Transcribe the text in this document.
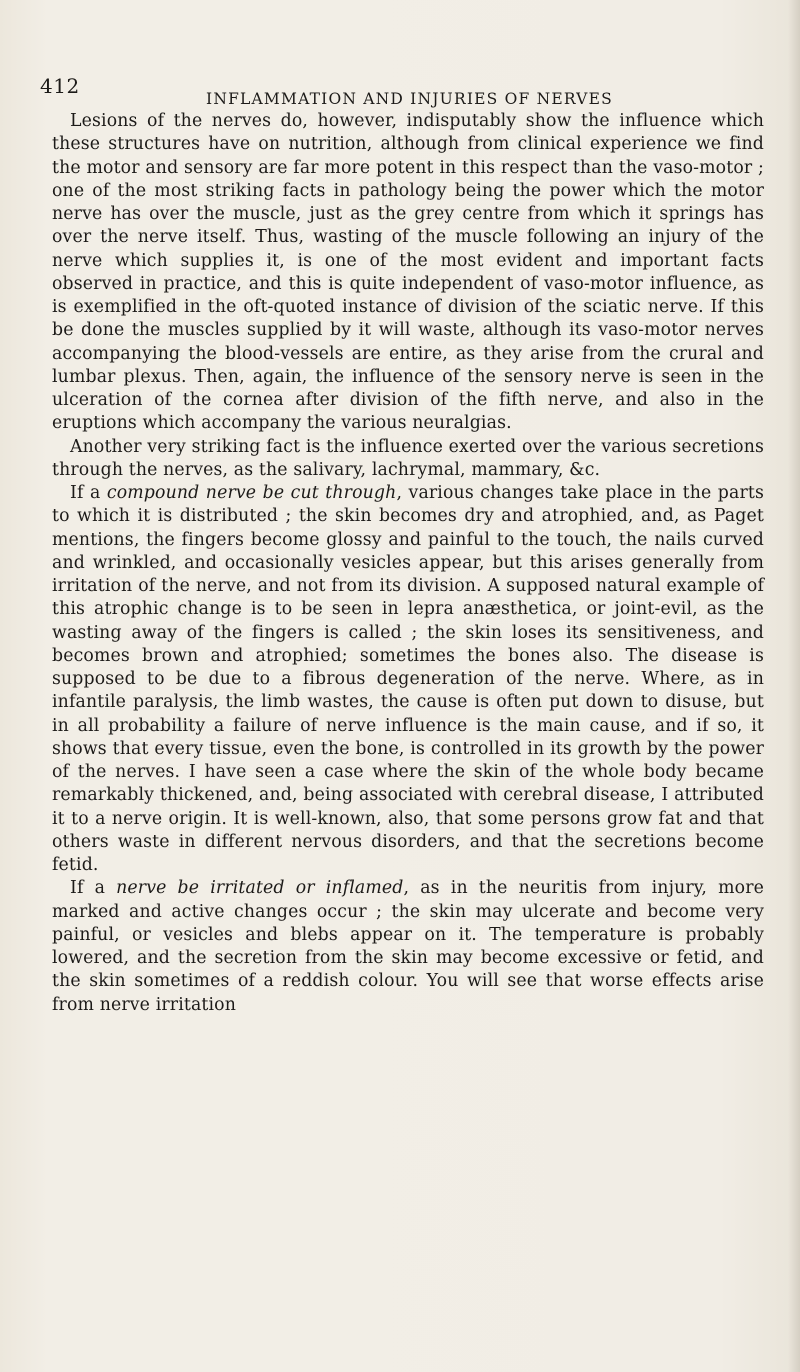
412
INFLAMMATION AND INJURIES OF NERVES

Lesions of the nerves do, however, indisputably show the influence which these structures have on nutrition, although from clinical experience we find the motor and sensory are far more potent in this respect than the vaso-motor ; one of the most striking facts in pathology being the power which the motor nerve has over the muscle, just as the grey centre from which it springs has over the nerve itself. Thus, wasting of the muscle following an injury of the nerve which supplies it, is one of the most evident and important facts observed in practice, and this is quite independent of vaso-motor influence, as is exemplified in the oft-quoted instance of division of the sciatic nerve. If this be done the muscles supplied by it will waste, although its vaso-motor nerves accompanying the blood-vessels are entire, as they arise from the crural and lumbar plexus. Then, again, the influence of the sensory nerve is seen in the ulceration of the cornea after division of the fifth nerve, and also in the eruptions which accompany the various neuralgias.

Another very striking fact is the influence exerted over the various secretions through the nerves, as the salivary, lachrymal, mammary, &c.

If a compound nerve be cut through, various changes take place in the parts to which it is distributed ; the skin becomes dry and atrophied, and, as Paget mentions, the fingers become glossy and painful to the touch, the nails curved and wrinkled, and occasionally vesicles appear, but this arises generally from irritation of the nerve, and not from its division. A supposed natural example of this atrophic change is to be seen in lepra anæsthetica, or joint-evil, as the wasting away of the fingers is called ; the skin loses its sensitiveness, and becomes brown and atrophied; sometimes the bones also. The disease is supposed to be due to a fibrous degeneration of the nerve. Where, as in infantile paralysis, the limb wastes, the cause is often put down to disuse, but in all probability a failure of nerve influence is the main cause, and if so, it shows that every tissue, even the bone, is controlled in its growth by the power of the nerves. I have seen a case where the skin of the whole body became remarkably thickened, and, being associated with cerebral disease, I attributed it to a nerve origin. It is well-known, also, that some persons grow fat and that others waste in different nervous disorders, and that the secretions become fetid.

If a nerve be irritated or inflamed, as in the neuritis from injury, more marked and active changes occur ; the skin may ulcerate and become very painful, or vesicles and blebs appear on it. The temperature is probably lowered, and the secretion from the skin may become excessive or fetid, and the skin sometimes of a reddish colour. You will see that worse effects arise from nerve irritation
